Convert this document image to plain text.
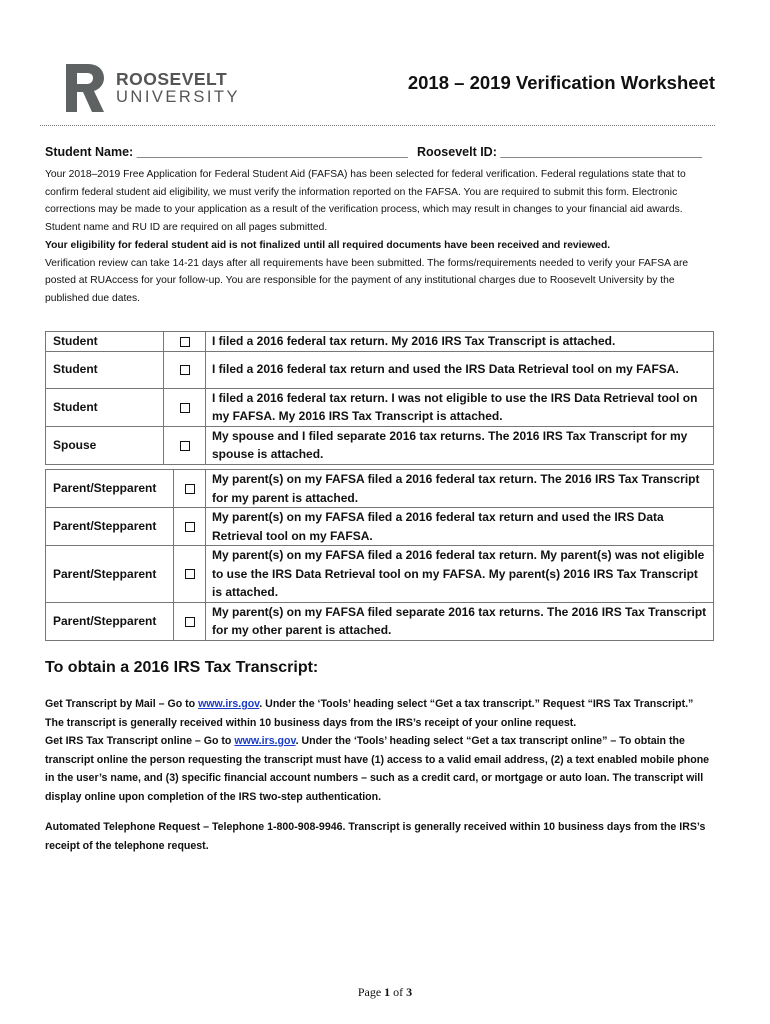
ROOSEVELT
UNIVERSITY
2018 – 2019 Verification Worksheet
Student Name: _______________________________________ Roosevelt ID: _____________________________

Your 2018–2019 Free Application for Federal Student Aid (FAFSA) has been selected for federal verification. Federal regulations state that to confirm federal student aid eligibility, we must verify the information reported on the FAFSA. You are required to submit this form. Electronic corrections may be made to your application as a result of the verification process, which may result in changes to your financial aid awards. Student name and RU ID are required on all pages submitted.

Your eligibility for federal student aid is not finalized until all required documents have been received and reviewed.

Verification review can take 14-21 days after all requirements have been submitted. The forms/requirements needed to verify your FAFSA are posted at RUAccess for your follow-up. You are responsible for the payment of any institutional charges due to Roosevelt University by the published due dates.

Student		I filed a 2016 federal tax return. My 2016 IRS Tax Transcript is attached.
Student		I filed a 2016 federal tax return and used the IRS Data Retrieval tool on my FAFSA.
Student		I filed a 2016 federal tax return. I was not eligible to use the IRS Data Retrieval tool on my FAFSA. My 2016 IRS Tax Transcript is attached.
Spouse		My spouse and I filed separate 2016 tax returns. The 2016 IRS Tax Transcript for my spouse is attached.
Parent/Stepparent		My parent(s) on my FAFSA filed a 2016 federal tax return. The 2016 IRS Tax Transcript for my parent is attached.
Parent/Stepparent		My parent(s) on my FAFSA filed a 2016 federal tax return and used the IRS Data Retrieval tool on my FAFSA.
Parent/Stepparent		My parent(s) on my FAFSA filed a 2016 federal tax return. My parent(s) was not eligible to use the IRS Data Retrieval tool on my FAFSA. My parent(s) 2016 IRS Tax Transcript is attached.
Parent/Stepparent		My parent(s) on my FAFSA filed separate 2016 tax returns. The 2016 IRS Tax Transcript for my other parent is attached.
To obtain a 2016 IRS Tax Transcript:

Get Transcript by Mail – Go to www.irs.gov. Under the ‘Tools’ heading select “Get a tax transcript.” Request “IRS Tax Transcript.” The transcript is generally received within 10 business days from the IRS’s receipt of your online request.

Get IRS Tax Transcript online – Go to www.irs.gov. Under the ‘Tools’ heading select “Get a tax transcript online” – To obtain the transcript online the person requesting the transcript must have (1) access to a valid email address, (2) a text enabled mobile phone in the user’s name, and (3) specific financial account numbers – such as a credit card, or mortgage or auto loan. The transcript will display online upon completion of the IRS two-step authentication.

Automated Telephone Request – Telephone 1-800-908-9946. Transcript is generally received within 10 business days from the IRS’s receipt of the telephone request.

Page 1 of 3
